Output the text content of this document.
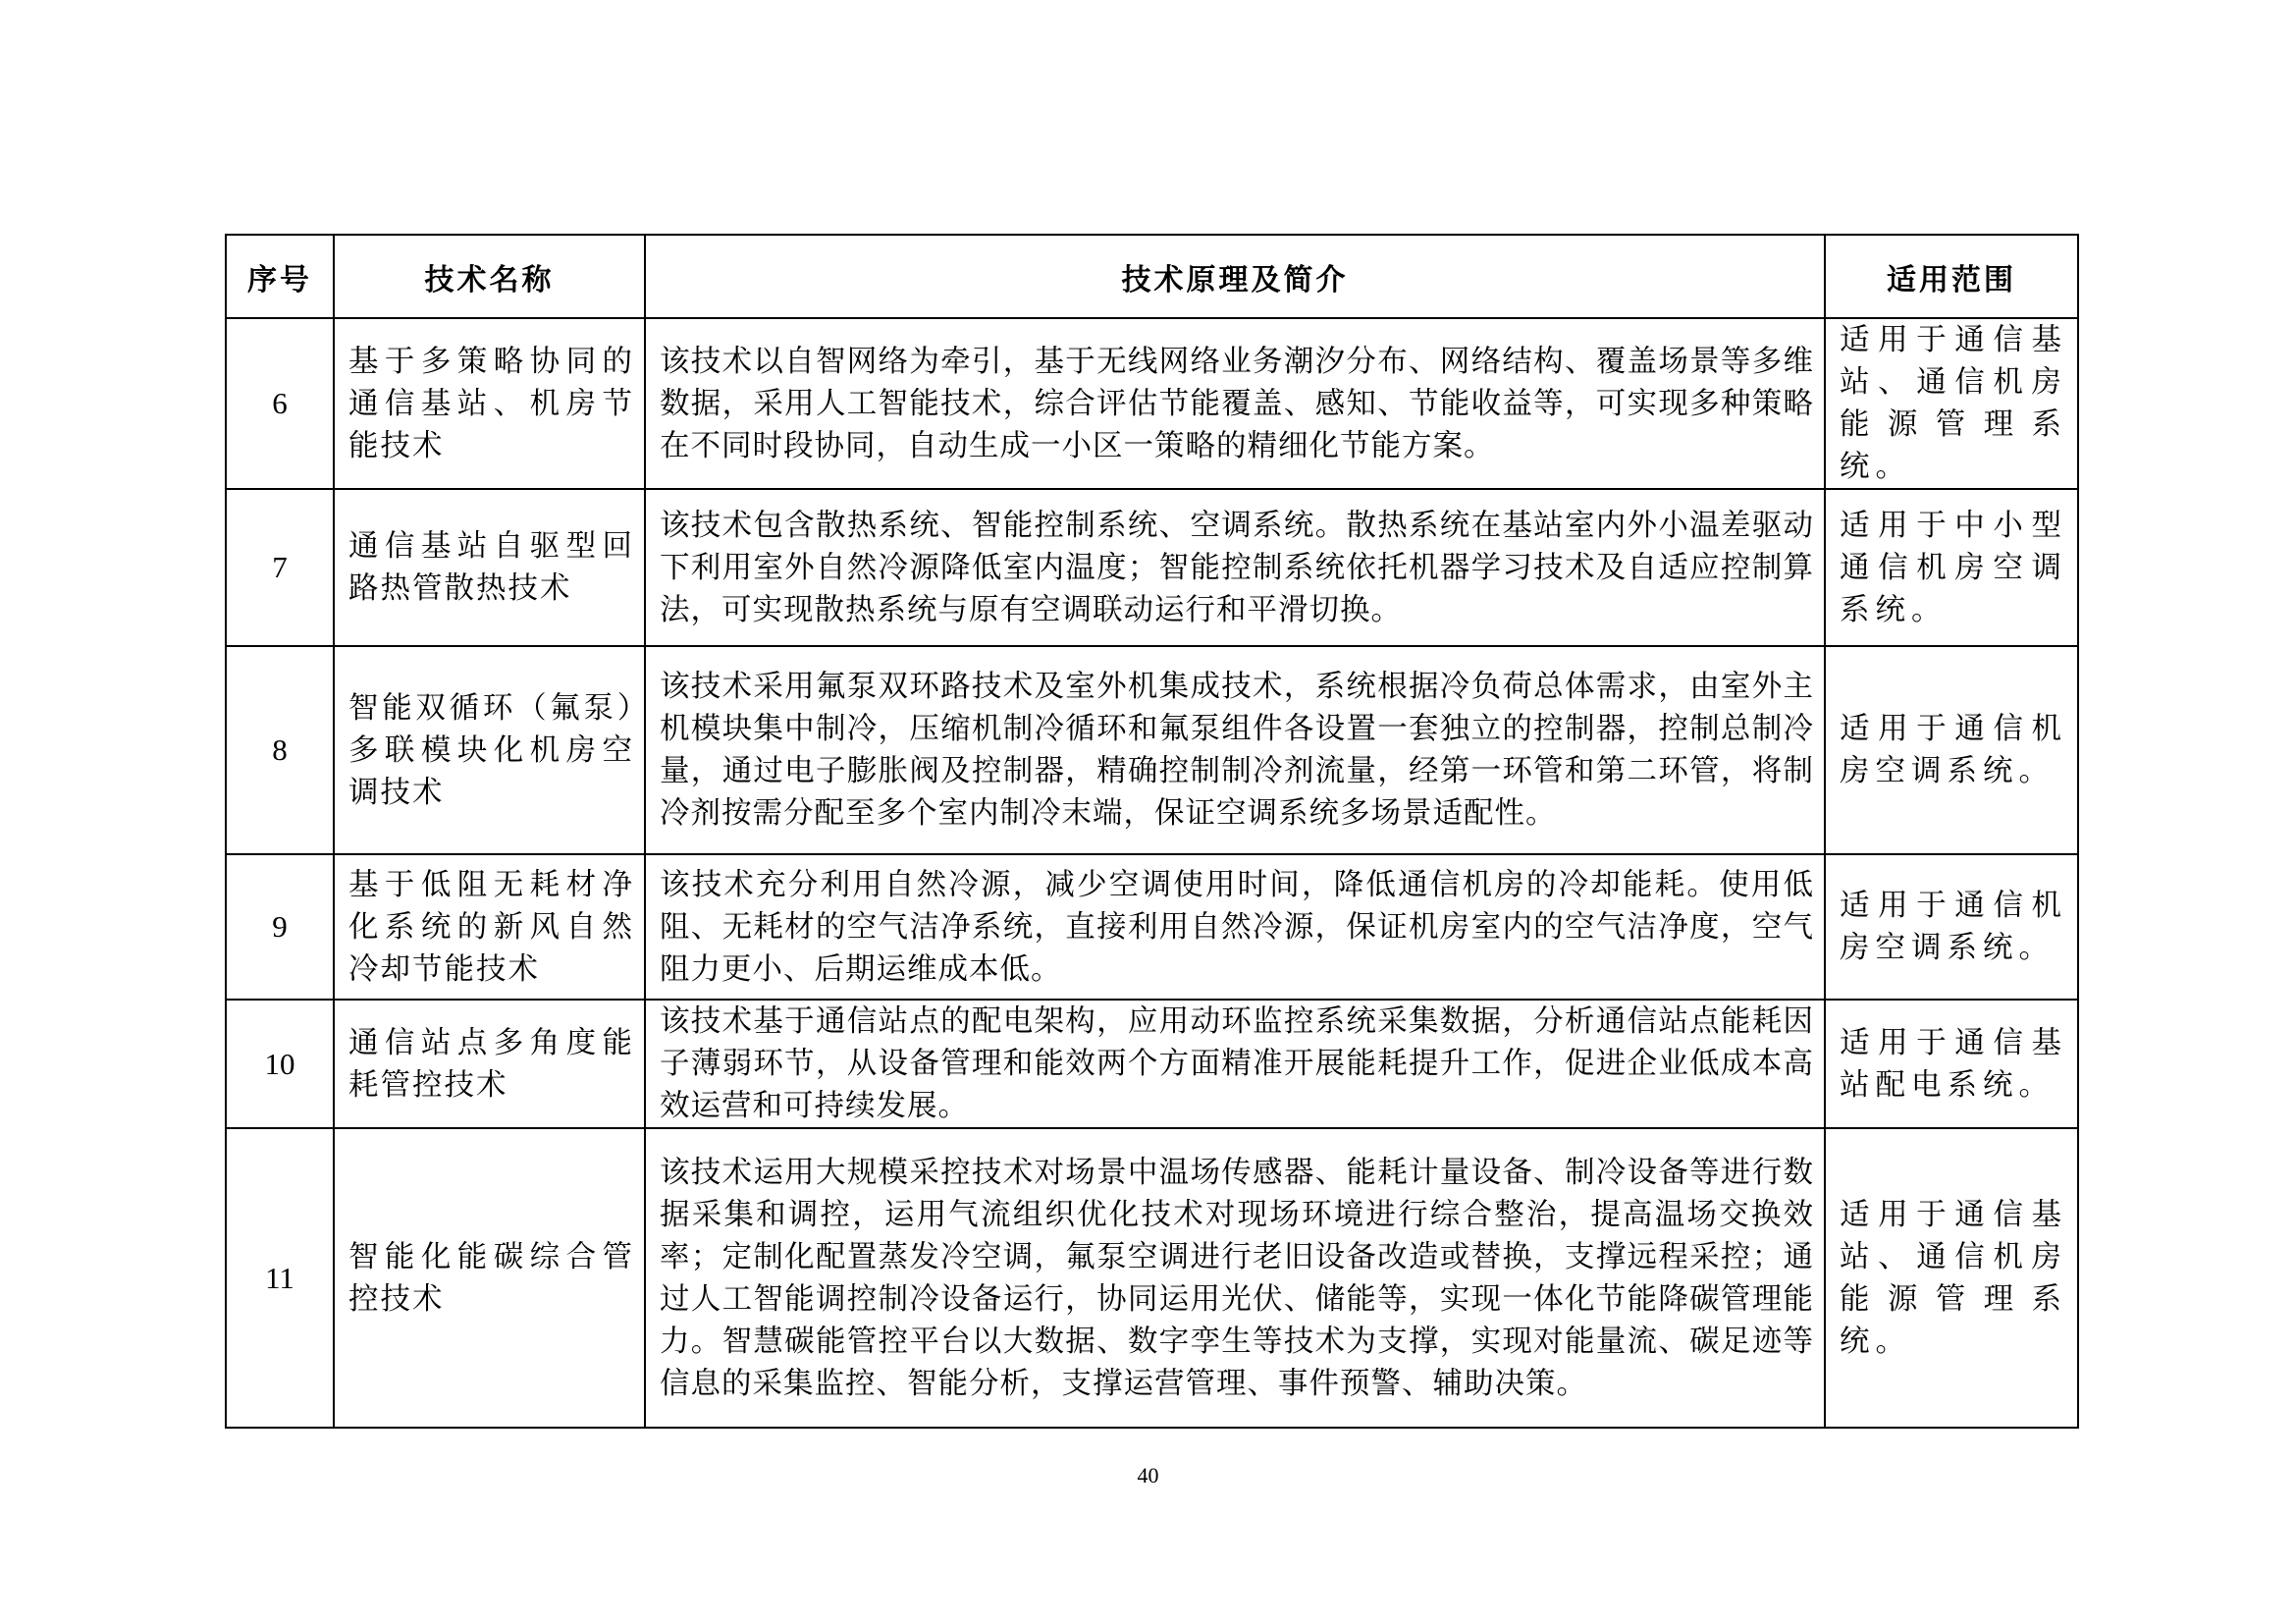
序号	技术名称	技术原理及简介	适用范围
6	基于多策略协同的通信基站、机房节能技术	该技术以自智网络为牵引，基于无线网络业务潮汐分布、网络结构、覆盖场景等多维数据，采用人工智能技术，综合评估节能覆盖、感知、节能收益等，可实现多种策略在不同时段协同，自动生成一小区一策略的精细化节能方案。	适用于通信基站、通信机房能源管理系统。
7	通信基站自驱型回路热管散热技术	该技术包含散热系统、智能控制系统、空调系统。散热系统在基站室内外小温差驱动下利用室外自然冷源降低室内温度；智能控制系统依托机器学习技术及自适应控制算法，可实现散热系统与原有空调联动运行和平滑切换。	适用于中小型通信机房空调系统。
8	智能双循环（氟泵）多联模块化机房空调技术	该技术采用氟泵双环路技术及室外机集成技术，系统根据冷负荷总体需求，由室外主机模块集中制冷，压缩机制冷循环和氟泵组件各设置一套独立的控制器，控制总制冷量，通过电子膨胀阀及控制器，精确控制制冷剂流量，经第一环管和第二环管，将制冷剂按需分配至多个室内制冷末端，保证空调系统多场景适配性。	适用于通信机房空调系统。
9	基于低阻无耗材净化系统的新风自然冷却节能技术	该技术充分利用自然冷源，减少空调使用时间，降低通信机房的冷却能耗。使用低阻、无耗材的空气洁净系统，直接利用自然冷源，保证机房室内的空气洁净度，空气阻力更小、后期运维成本低。	适用于通信机房空调系统。
10	通信站点多角度能耗管控技术	该技术基于通信站点的配电架构，应用动环监控系统采集数据，分析通信站点能耗因子薄弱环节，从设备管理和能效两个方面精准开展能耗提升工作，促进企业低成本高效运营和可持续发展。	适用于通信基站配电系统。
11	智能化能碳综合管控技术	该技术运用大规模采控技术对场景中温场传感器、能耗计量设备、制冷设备等进行数据采集和调控，运用气流组织优化技术对现场环境进行综合整治，提高温场交换效率；定制化配置蒸发冷空调，氟泵空调进行老旧设备改造或替换，支撑远程采控；通过人工智能调控制冷设备运行，协同运用光伏、储能等，实现一体化节能降碳管理能力。智慧碳能管控平台以大数据、数字孪生等技术为支撑，实现对能量流、碳足迹等信息的采集监控、智能分析，支撑运营管理、事件预警、辅助决策。	适用于通信基站、通信机房能源管理系统。
40
